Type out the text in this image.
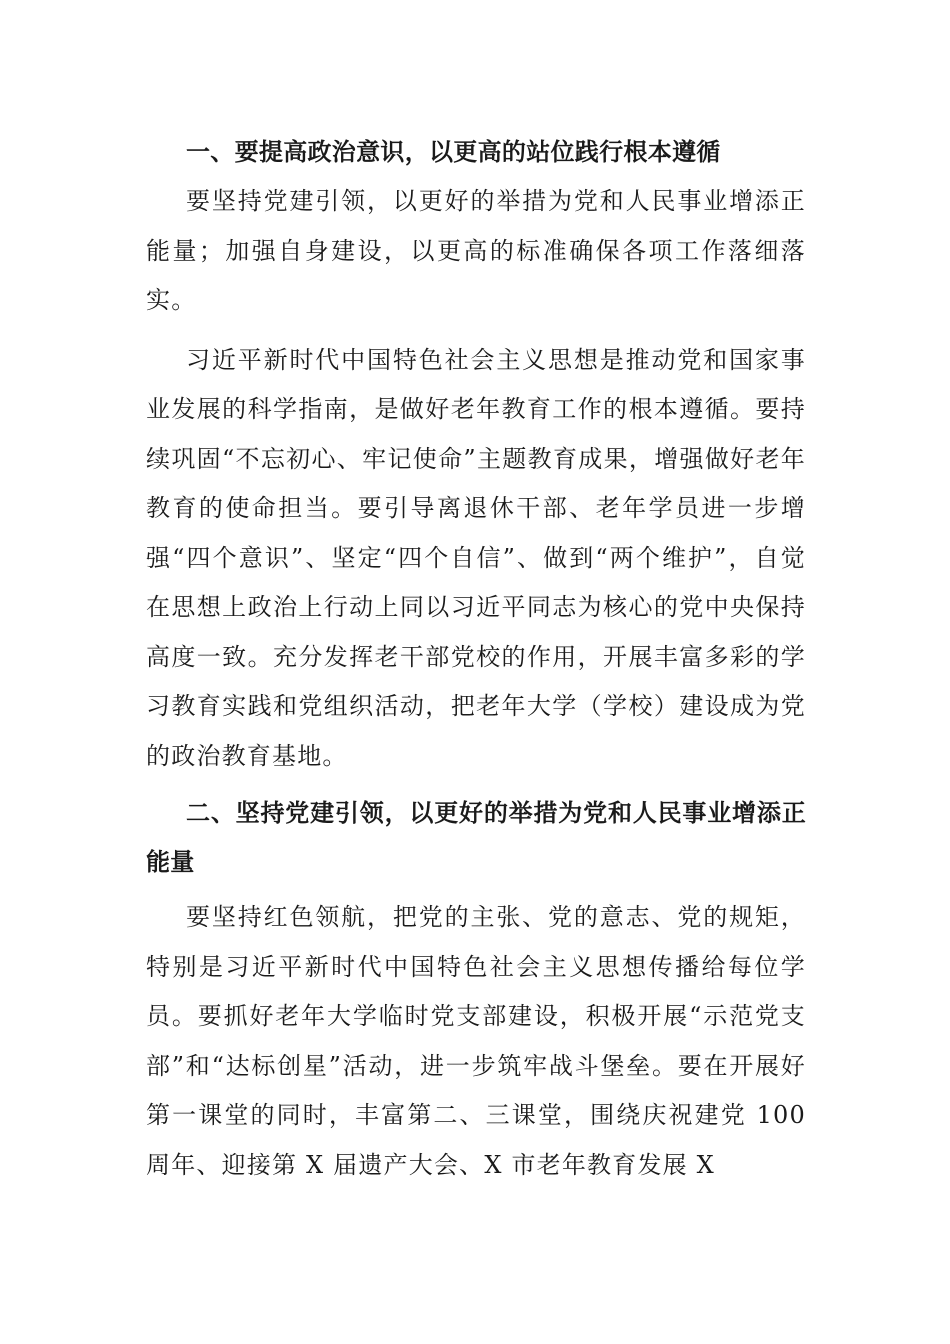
一、要提高政治意识，以更高的站位践行根本遵循

要坚持党建引领，以更好的举措为党和人民事业增添正能量；加强自身建设，以更高的标准确保各项工作落细落实。

习近平新时代中国特色社会主义思想是推动党和国家事业发展的科学指南，是做好老年教育工作的根本遵循。要持续巩固“不忘初心、牢记使命”主题教育成果，增强做好老年教育的使命担当。要引导离退休干部、老年学员进一步增强“四个意识”、坚定“四个自信”、做到“两个维护”，自觉在思想上政治上行动上同以习近平同志为核心的党中央保持高度一致。充分发挥老干部党校的作用，开展丰富多彩的学习教育实践和党组织活动，把老年大学（学校）建设成为党的政治教育基地。

二、坚持党建引领，以更好的举措为党和人民事业增添正能量

要坚持红色领航，把党的主张、党的意志、党的规矩，特别是习近平新时代中国特色社会主义思想传播给每位学员。要抓好老年大学临时党支部建设，积极开展“示范党支部”和“达标创星”活动，进一步筑牢战斗堡垒。要在开展好第一课堂的同时，丰富第二、三课堂，围绕庆祝建党 100 周年、迎接第 X 届遗产大会、X 市老年教育发展 X
